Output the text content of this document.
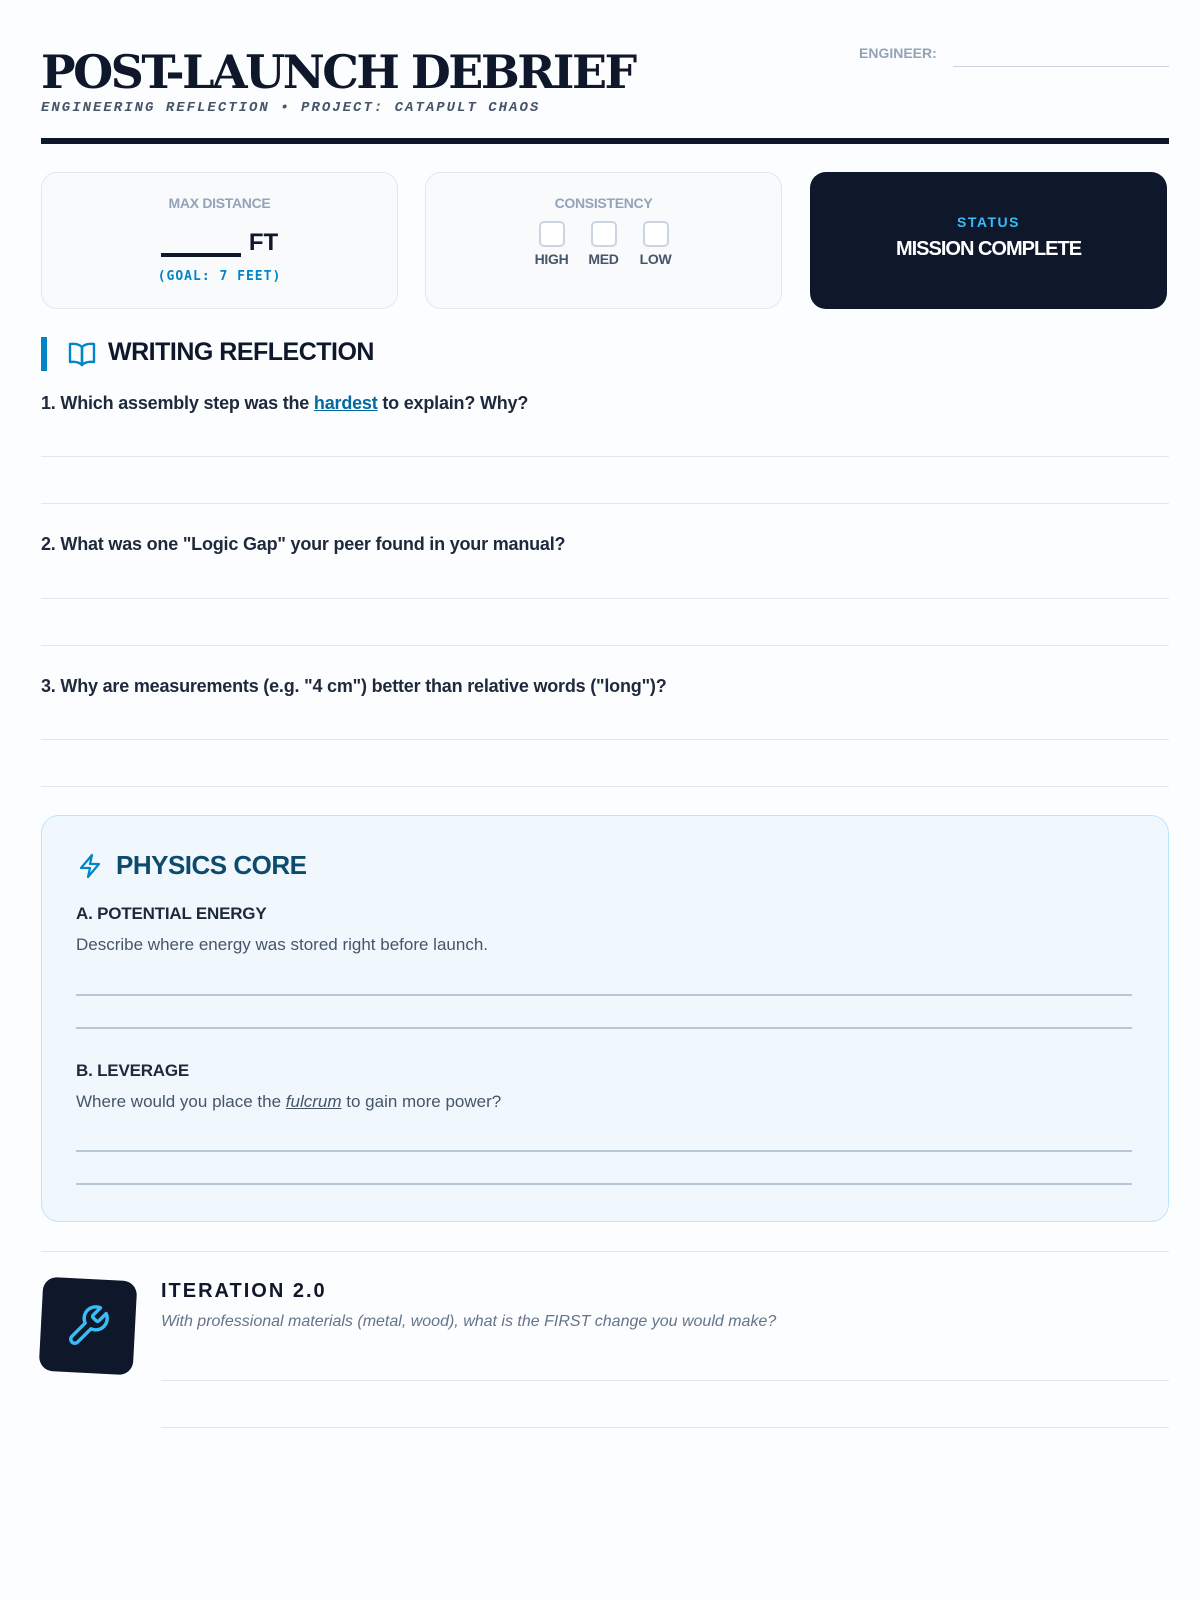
POST-LAUNCH DEBRIEF
ENGINEERING REFLECTION • PROJECT: CATAPULT CHAOS
ENGINEER:
MAX DISTANCE
FT
(GOAL: 7 FEET)
CONSISTENCY
HIGH MED LOW
STATUS
MISSION COMPLETE
WRITING REFLECTION
1. Which assembly step was the hardest to explain? Why?
2. What was one "Logic Gap" your peer found in your manual?
3. Why are measurements (e.g. "4 cm") better than relative words ("long")?
PHYSICS CORE
A. POTENTIAL ENERGY
Describe where energy was stored right before launch.
B. LEVERAGE
Where would you place the fulcrum to gain more power?
ITERATION 2.0
With professional materials (metal, wood), what is the FIRST change you would make?
